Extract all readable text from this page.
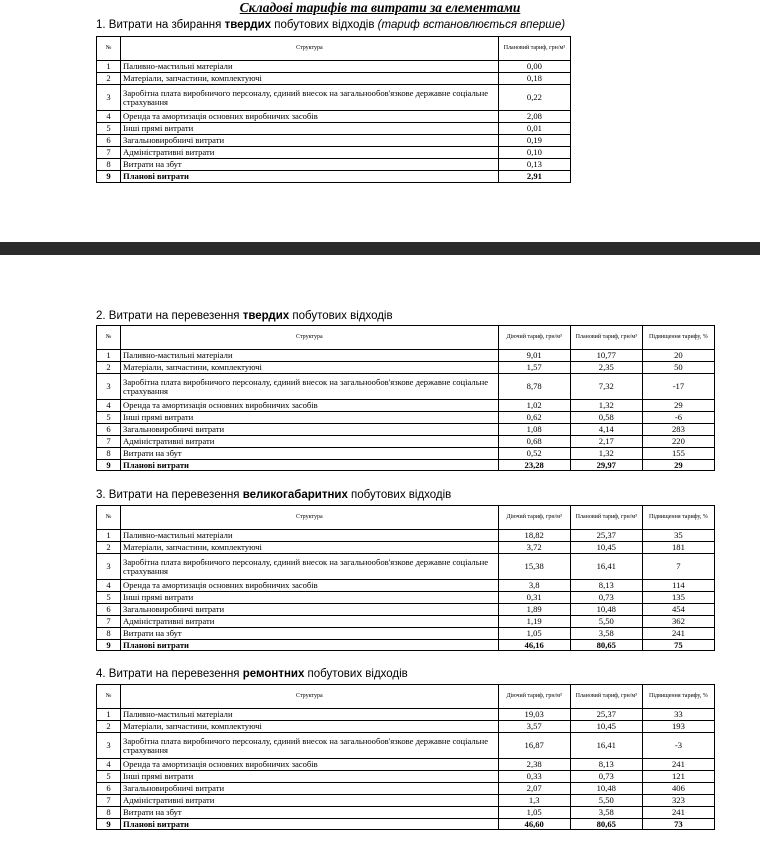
Складові тарифів та витрати за елементами
1. Витрати на збирання твердих побутових відходів (тариф встановлюється вперше)
№	Структура	Плановий тариф, грн/м³
1	Паливно-мастильні матеріали	0,00
2	Матеріали, запчастини, комплектуючі	0,18
3	Заробітна плата виробничого персоналу, єдиний внесок на загальнообов'язкове державне соціальне страхування	0,22
4	Оренда та амортизація основних виробничих засобів	2,08
5	Інші прямі витрати	0,01
6	Загальновиробничі витрати	0,19
7	Адміністративні витрати	0,10
8	Витрати на збут	0,13
9	Планові витрати	2,91
2. Витрати на перевезення твердих побутових відходів
№	Структура	Діючий тариф, грн/м³	Плановий тариф, грн/м³	Підвищення тарифу, %
1	Паливно-мастильні матеріали	9,01	10,77	20
2	Матеріали, запчастини, комплектуючі	1,57	2,35	50
3	Заробітна плата виробничого персоналу, єдиний внесок на загальнообов'язкове державне соціальне страхування	8,78	7,32	-17
4	Оренда та амортизація основних виробничих засобів	1,02	1,32	29
5	Інші прямі витрати	0,62	0,58	-6
6	Загальновиробничі витрати	1,08	4,14	283
7	Адміністративні витрати	0,68	2,17	220
8	Витрати на збут	0,52	1,32	155
9	Планові витрати	23,28	29,97	29
3. Витрати на перевезення великогабаритних побутових відходів
№	Структура	Діючий тариф, грн/м³	Плановий тариф, грн/м³	Підвищення тарифу, %
1	Паливно-мастильні матеріали	18,82	25,37	35
2	Матеріали, запчастини, комплектуючі	3,72	10,45	181
3	Заробітна плата виробничого персоналу, єдиний внесок на загальнообов'язкове державне соціальне страхування	15,38	16,41	7
4	Оренда та амортизація основних виробничих засобів	3,8	8,13	114
5	Інші прямі витрати	0,31	0,73	135
6	Загальновиробничі витрати	1,89	10,48	454
7	Адміністративні витрати	1,19	5,50	362
8	Витрати на збут	1,05	3,58	241
9	Планові витрати	46,16	80,65	75
4. Витрати на перевезення ремонтних побутових відходів
№	Структура	Діючий тариф, грн/м³	Плановий тариф, грн/м³	Підвищення тарифу, %
1	Паливно-мастильні матеріали	19,03	25,37	33
2	Матеріали, запчастини, комплектуючі	3,57	10,45	193
3	Заробітна плата виробничого персоналу, єдиний внесок на загальнообов'язкове державне соціальне страхування	16,87	16,41	-3
4	Оренда та амортизація основних виробничих засобів	2,38	8,13	241
5	Інші прямі витрати	0,33	0,73	121
6	Загальновиробничі витрати	2,07	10,48	406
7	Адміністративні витрати	1,3	5,50	323
8	Витрати на збут	1,05	3,58	241
9	Планові витрати	46,60	80,65	73
